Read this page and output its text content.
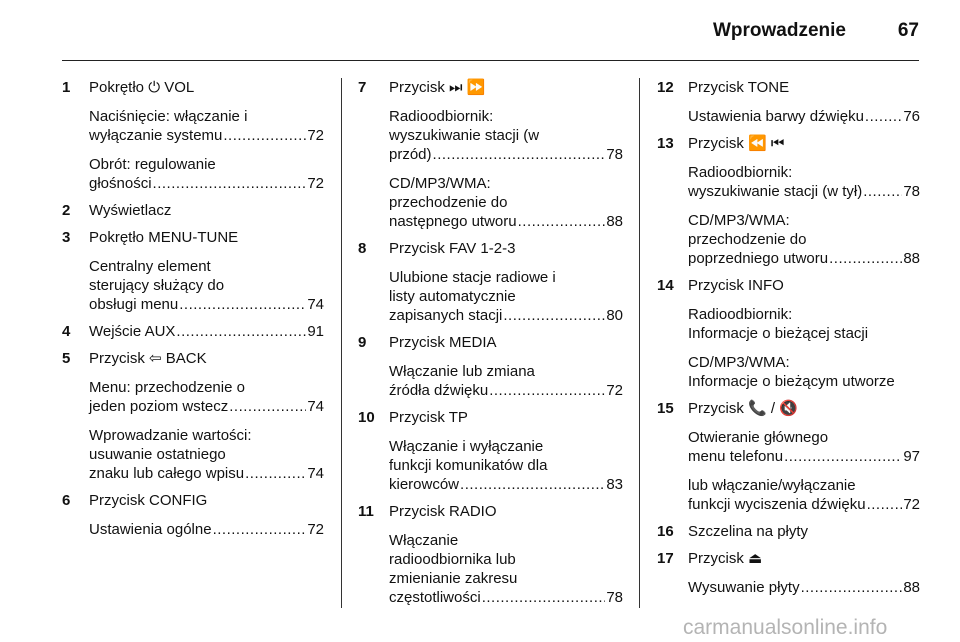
Wprowadzenie	67
1	Pokrętło ⏻ VOL
Naciśnięcie: włączanie i
wyłączanie systemu .....	72
Obrót: regulowanie
głośności .....	72
2	Wyświetlacz
3	Pokrętło MENU-TUNE
Centralny element
sterujący służący do
obsługi menu .....	74
4	Wejście AUX .....	91
5	Przycisk ⇦ BACK
Menu: przechodzenie o
jeden poziom wstecz .....	74
Wprowadzanie wartości:
usuwanie ostatniego
znaku lub całego wpisu .....	74
6	Przycisk CONFIG
Ustawienia ogólne .....	72
7	Przycisk ⏭ ⏩
Radioodbiornik:
wyszukiwanie stacji (w
przód) .....	78
CD/MP3/WMA:
przechodzenie do
następnego utworu .....	88
8	Przycisk FAV 1-2-3
Ulubione stacje radiowe i
listy automatycznie
zapisanych stacji .....	80
9	Przycisk MEDIA
Włączanie lub zmiana
źródła dźwięku .....	72
10 Przycisk TP
Włączanie i wyłączanie
funkcji komunikatów dla
kierowców .....	83
11	Przycisk RADIO
Włączanie
radioodbiornika lub
zmienianie zakresu
częstotliwości .....	78
12 Przycisk TONE
Ustawienia barwy dźwięku .....	76
13 Przycisk ⏪ ⏮
Radioodbiornik:
wyszukiwanie stacji (w tył) .....	78
CD/MP3/WMA:
przechodzenie do
poprzedniego utworu .....	88
14 Przycisk INFO
Radioodbiornik:
Informacje o bieżącej stacji
CD/MP3/WMA:
Informacje o bieżącym utworze
15 Przycisk 📞 / 🔇
Otwieranie głównego
menu telefonu .....	97
lub włączanie/wyłączanie
funkcji wyciszenia dźwięku .....	72
16 Szczelina na płyty
17 Przycisk ⏏
Wysuwanie płyty .....	88
carmanualsonline.info
